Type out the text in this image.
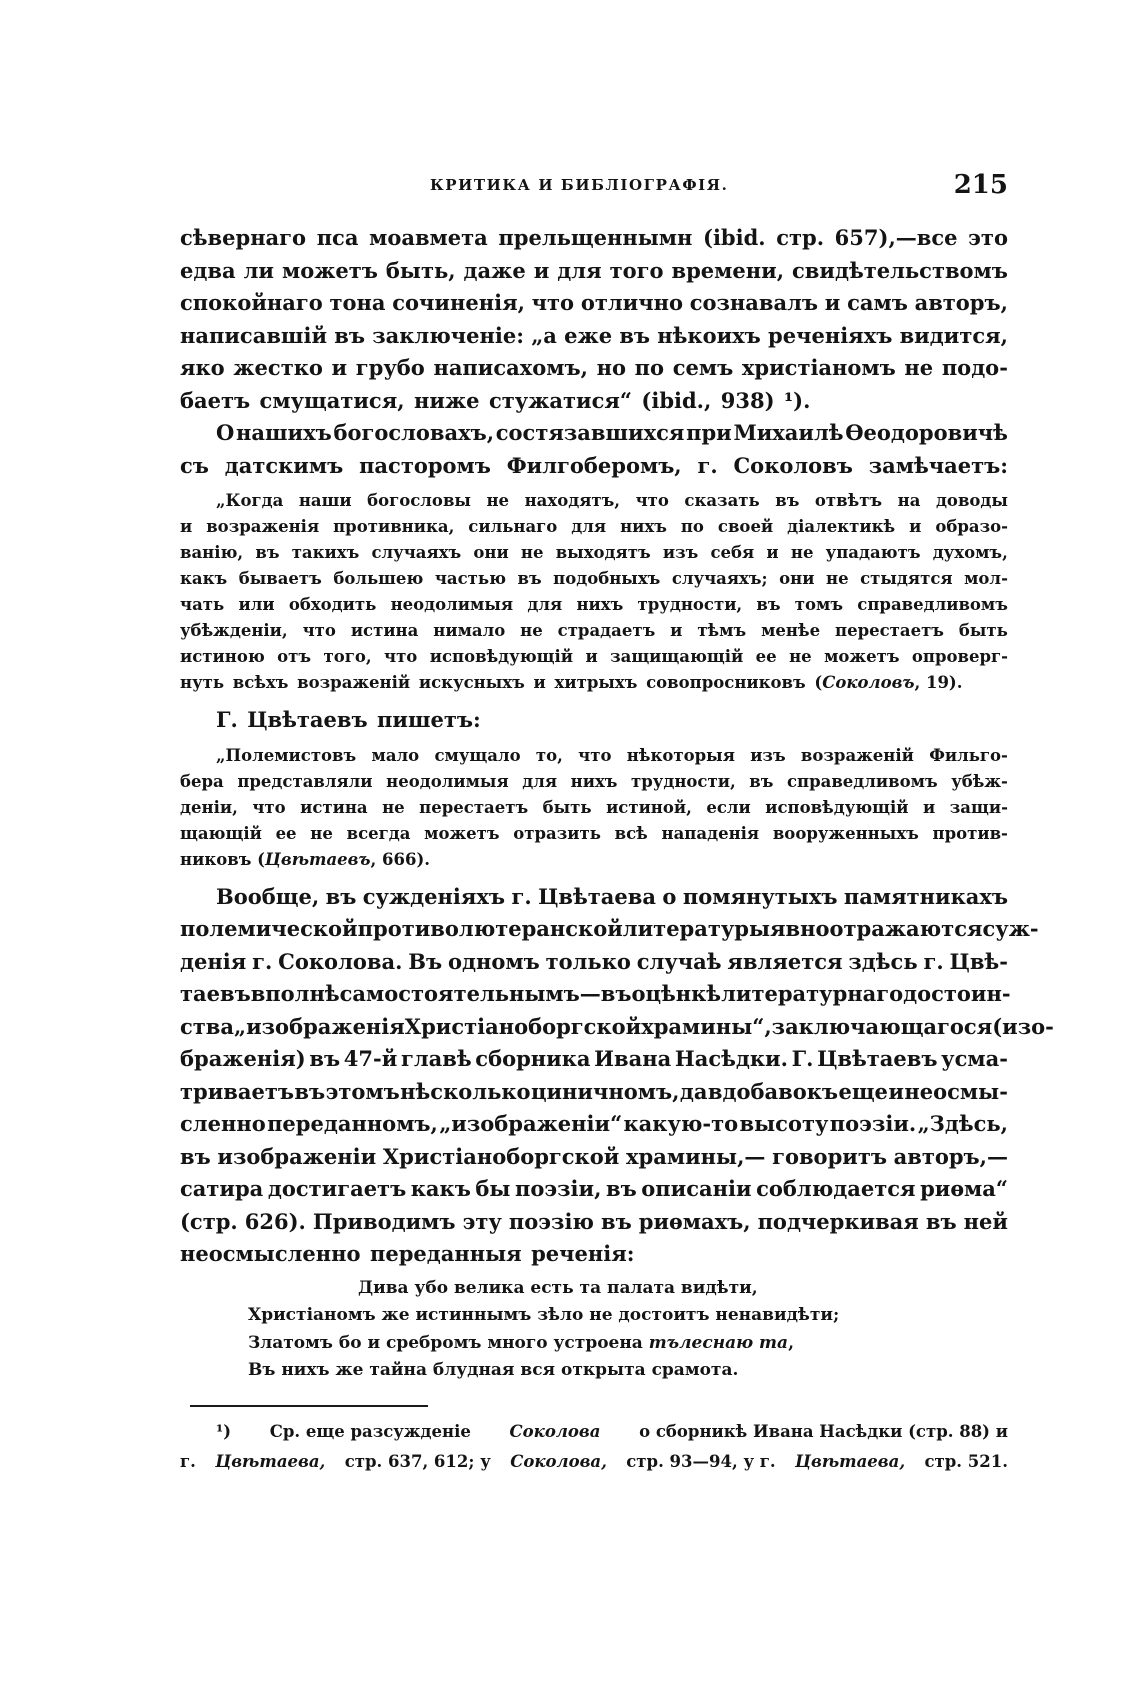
КРИТИКА И БИБЛІОГРАФІЯ.	215
сѣвернаго пса моавмета прельщеннымн (ibid. стр. 657),—все это
едва ли можетъ быть, даже и для того времени, свидѣтельствомъ
спокойнаго тона сочиненія, что отлично сознавалъ и самъ авторъ,
написавшій въ заключеніе: „а еже въ нѣкоихъ реченіяхъ видится,
яко жестко и грубо написахомъ, но по семъ христіаномъ не подо-
баетъ смущатися, ниже стужатися“ (ibid., 938) ¹).
О нашихъ богословахъ, состязавшихся при Михаилѣ Ѳеодоровичѣ
съ датскимъ пасторомъ Филгоберомъ, г. Соколовъ замѣчаетъ:
„Когда наши богословы не находятъ, что сказать въ отвѣтъ на доводы
и возраженія противника, сильнаго для нихъ по своей діалектикѣ и образо-
ванію, въ такихъ случаяхъ они не выходятъ изъ себя и не упадаютъ духомъ,
какъ бываетъ большею частью въ подобныхъ случаяхъ; они не стыдятся мол-
чать или обходить неодолимыя для нихъ трудности, въ томъ справедливомъ
убѣжденіи, что истина нимало не страдаетъ и тѣмъ менѣе перестаетъ быть
истиною отъ того, что исповѣдующій и защищающій ее не можетъ опроверг-
нуть всѣхъ возраженій искусныхъ и хитрыхъ совопросниковъ ( Соколовъ , 19).
Г. Цвѣтаевъ пишетъ:
„Полемистовъ мало смущало то, что нѣкоторыя изъ возраженій Фильго-
бера представляли неодолимыя для нихъ трудности, въ справедливомъ убѣж-
деніи, что истина не перестаетъ быть истиной, если исповѣдующій и защи-
щающій ее не всегда можетъ отразить всѣ нападенія вооруженныхъ против-
никовъ ( Цвѣтаевъ , 666).
Вообще, въ сужденіяхъ г. Цвѣтаева о помянутыхъ памятникахъ
полемической противолютеранской литературы явно отражаются суж-
денія г. Соколова. Въ одномъ только случаѣ является здѣсь г. Цвѣ-
таевъ вполнѣ самостоятельнымъ—въ оцѣнкѣ литературнаго достоин-
ства „изображенія Христіаноборгской храмины“, заключающагося (изо-
браженія) въ 47-й главѣ сборника Ивана Насѣдки. Г. Цвѣтаевъ усма-
триваетъ въ этомъ нѣсколько циничномъ, да вдобавокъ еще и неосмы-
сленно переданномъ, „изображеніи“ какую-то высоту поэзіи. „Здѣсь,
въ изображеніи Христіаноборгской храмины,— говоритъ авторъ,—
сатира достигаетъ какъ бы поэзіи, въ описаніи соблюдается риѳма“
(стр. 626). Приводимъ эту поэзію въ риѳмахъ, подчеркивая въ ней
неосмысленно переданныя реченія:
Дива убо велика есть та палата видѣти,
Христіаномъ же истиннымъ зѣло не достоитъ ненавидѣти;
Златомъ бо и сребромъ много устроена тълеснаю та ,
Въ нихъ же тайна блудная вся открыта срамота.
¹) Ср. еще разсужденіе Соколова о сборникѣ Ивана Насѣдки (стр. 88) и
г. Цвѣтаева, стр. 637, 612; у Соколова, стр. 93—94, у г. Цвѣтаева, стр. 521.
